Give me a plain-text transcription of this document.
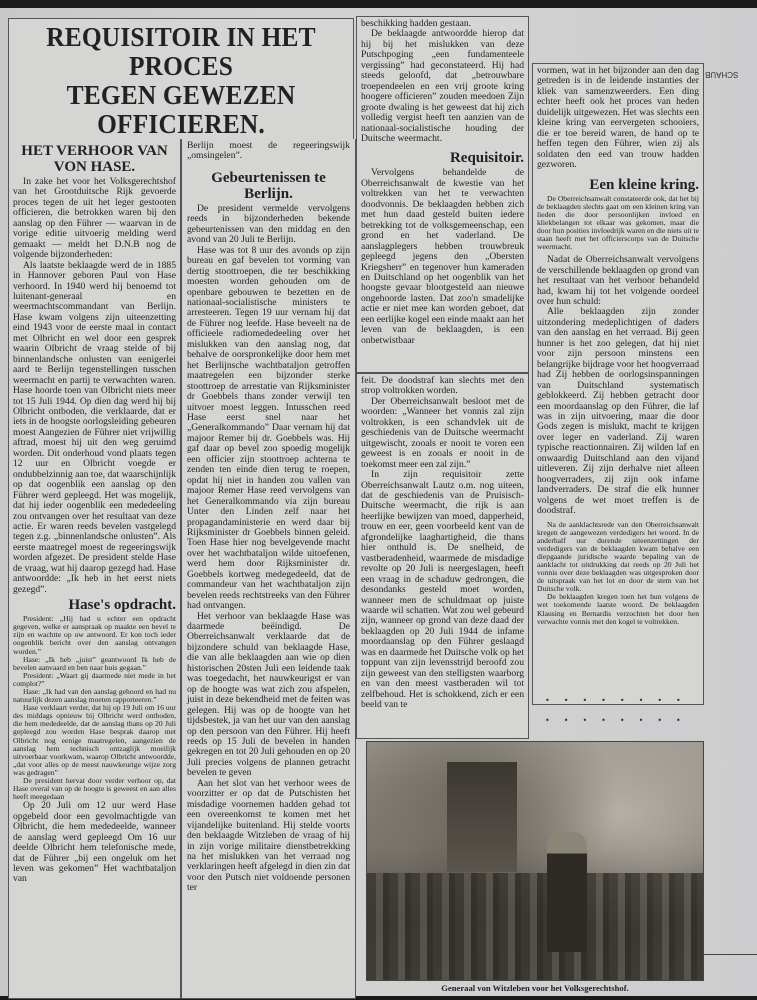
REQUISITOIR IN HET PROCES
TEGEN GEWEZEN OFFICIEREN.
HET VERHOOR VAN
VON HASE.

In zake het voor het Volksgerechtshof van het Grootduitsche Rijk gevoerde proces tegen de uit het leger gestooten officieren, die betrokken waren bij den aanslag op den Führer — waarvan in de vorige editie uitvoerig melding werd gemaakt — meldt het D.N.B nog de volgende bijzonderheden:

Als laatste beklaagde werd de in 1885 in Hannover geboren Paul von Hase verhoord. In 1940 werd hij benoemd tot luitenant-generaal en weermachtscommandant van Berlijn. Hase kwam volgens zijn uiteenzetting eind 1943 voor de eerste maal in contact met Olbricht en wel door een gesprek waarin Olbricht de vraag stelde of bij binnenlandsche onlusten van eenigerlei aard te Berlijn tegenstellingen tusschen weermacht en partij te verwachten waren. Hase hoorde toen van Olbricht niets meer tot 15 Juli 1944. Op dien dag werd hij bij Olbricht ontboden, die verklaarde, dat er iets in de hoogste oorlogsleiding gebeuren moest Aangezien de Führer niet vrijwillig aftrad, moest hij uit den weg geruimd worden. Dit onderhoud vond plaats tegen 12 uur en Olbricht voegde er ondubbelzinnig aan toe, dat waarschijnlijk op dat oogenblik een aanslag op den Führer werd gepleegd. Het was mogelijk, dat hij ieder oogenblik een mededeeling zou ontvangen over het resultaat van deze actie. Er waren reeds bevelen vastgelegd tegen z.g. „binnenlandsche onlusten”. Als eerste maatregel moest de regeeringswijk worden afgezet. De president stelde Hase de vraag, wat hij daarop gezegd had. Hase antwoordde: „Ik heb in het eerst niets gezegd”.

Hase's opdracht.

President: „Hij had u echter een opdracht gegeven, welke er aanspraak op maakte een bevel te zijn en wachtte op uw antwoord. Er kon toch ieder oogenblik bericht over den aanslag ontvangen worden.”

Hase: „Ik heb „juist” geantwoord Ik heb de bevelen aanvaard en ben naar huis gegaan.”

President: „Waart gij daarmede niet mede in het complot?”

Hase: „Ik had van den aanslag gehoord en had nu natuurlijk dezen aanslag moeten rapporteeren.”

Hase verklaart verder, dat hij op 19 Juli om 16 uur des middags opnieuw bij Olbricht werd ontboden, die hem mededeelde, dat de aanslag thans op 20 Juli gepleegd zou worden Hase besprak daarop met Olbricht nog eenige maatregelen, aangezien de aanslag hem technisch ontzaglijk moeilijk uitvoerbaar voorkwam, waarop Olbricht antwoordde, „dat voor alles op de meest nauwkeurige wijze zorg was gedragen”

De president hervat door verder verhoor op, dat Hase overal van op de hoogte is geweest en aan alles heeft meegedaan

Op 20 Juli om 12 uur werd Hase opgebeld door een gevolmachtigde van Olbricht, die hem mededeelde, wanneer de aanslag werd gepleegd Om 16 uur deelde Olbricht hem telefonische mede, dat de Führer „bij een ongeluk om het leven was gekomen” Het wachtbataljon van

Berlijn moest de regeeringswijk „omsingelen”.

Gebeurtenissen te
Berlijn.

De president vermelde vervolgens reeds in bijzonderheden bekende gebeurtenissen van den middag en den avond van 20 Juli te Berlijn.

Hase was tot 8 uur des avonds op zijn bureau en gaf bevelen tot vorming van dertig stoottroepen, die ter beschikking moesten worden gehouden om de openbare gebouwen te bezetten en de nationaal-socialistische ministers te arresteeren. Tegen 19 uur vernam hij dat de Führer nog leefde. Hase beveelt na de officieele radiomededeeling over het mislukken van den aanslag nog, dat behalve de oorspronkelijke door hem met het Berlijnsche wachtbataljon getroffen maatregelen een bijzonder sterke stoottroep de arrestatie van Rijksminister dr Goebbels thans zonder verwijl ten uitvoer moest leggen. Intusschen reed Hase eerst snel naar het „Generalkommando” Daar vernam hij dat majoor Remer bij dr. Goebbels was. Hij gaf daar op bevel zoo spoedig mogelijk een officier zijn stoottroep achterna te zenden ten einde dien terug te roepen, opdat hij niet in handen zou vallen van majoor Remer Hase reed vervolgens van het Generalkommando via zijn bureau Unter den Linden zelf naar het propagandaministerie en werd daar bij Rijksminister dr Goebbels binnen geleid. Toen Hase hier nog bevelgevende macht over het wachtbataljon wilde uitoefenen, werd hem door Rijksminister dr. Goebbels kortweg medegedeeld, dat de commandeur van het wachtbataljon zijn bevelen reeds rechtstreeks van den Führer had ontvangen.

Het verhoor van beklaagde Hase was daarmede beëindigd. De Oberreichsanwalt verklaarde dat de bijzondere schuld van beklaagde Hase, die van alle beklaagden aan wie op dien historischen 20sten Juli een leidende taak was toegedacht, het nauwkeurigst er van op de hoogte was wat zich zou afspelen, juist in deze bekendheid met de feiten was gelegen. Hij was op de hoogte van het tijdsbestek, ja van het uur van den aanslag op den persoon van den Führer. Hij heeft reeds op 15 Juli de bevelen in handen gekregen en tot 20 Juli gehouden en op 20 Juli precies volgens de plannen getracht bevelen te geven

Aan het slot van het verhoor wees de voorzitter er op dat de Putschisten het misdadige voornemen hadden gehad tot een overeenkomst te komen met het vijandelijke buitenland. Hij stelde voorts den beklaagde Witzleben de vraag of hij in zijn vorige militaire dienstbetrekking na het mislukken van het verraad nog verklaringen heeft afgelegd in dien zin dat voor den Putsch niet voldoende personen ter

beschikking hadden gestaan.

De beklaagde antwoordde hierop dat hij bij het mislukken van deze Putschpoging „een fundamenteele vergissing” had geconstateerd. Hij had steeds geloofd, dat „betrouwbare troependeelen en een vrij groote kring hoogere officieren” zouden meedoen Zijn groote dwaling is het geweest dat hij zich volledig vergist heeft ten aanzien van de nationaal-socialistische houding der Duitsche weermacht.

Requisitoir.

Vervolgens behandelde de Oberreichsanwalt de kwestie van het voltrekken van het te verwachten doodvonnis. De beklaagden hebben zich met hun daad gesteld buiten iedere betrekking tot de volksgemeenschap, een grond en het vaderland. De aanslagplegers hebben trouwbreuk gepleegd jegens den „Obersten Kriegsherr” en tegenover hun kameraden en Duitschland op het oogenblik van het hoogste gevaar blootgesteld aan nieuwe ongehoorde lasten. Dat zoo'n smadelijke actie er niet mee kan worden geboet, dat een eerlijke kogel een einde maakt aan het leven van de beklaagden, is een onbetwistbaar

feit. De doodstraf kan slechts met den strop voltrokken worden.

Der Oberreichsanwalt besloot met de woorden: „Wanneer het vonnis zal zijn voltrokken, is een schandvlek uit de geschiedenis van de Duitsche weermacht uitgewischt, zooals er nooit te voren een geweest is en zooals er nooit in de toekomst meer een zal zijn.”

In zijn requisitoir zette Oberreichsanwalt Lautz o.m. nog uiteen, dat de geschiedenis van de Pruisisch-Duitsche weermacht, die rijk is aan heerlijke bewijzen van moed, dapperheid, trouw en eer, geen voorbeeld kent van de afgrondelijke laaghartigheid, die thans hier onthuld is. De snelheid, de vastberadenheid, waarmede de misdadige revolte op 20 Juli is neergeslagen, heeft een vraag in de schaduw gedrongen, die desondanks gesteld moet worden, wanneer men de schuldmaat op juiste waarde wil schatten. Wat zou wel gebeurd zijn, wanneer op grond van deze daad der beklaagden op 20 Juli 1944 de infame moordaanslag op den Führer geslaagd was en daarmede het Duitsche volk op het toppunt van zijn levensstrijd beroofd zou zijn geweest van den stelligsten waarborg en van den meest vastberaden wil tot zelfbehoud. Het is schokkend, zich er een beeld van te

vormen, wat in het bijzonder aan den dag getreden is in de leidende instanties der kliek van samenzweerders. Een ding echter heeft ook het proces van heden duidelijk uitgewezen. Het was slechts een kleine kring van eervergeten schooiers, die er toe bereid waren, de hand op te heffen tegen den Führer, wien zij als soldaten den eed van trouw hadden gezworen.

Een kleine kring.

De Oberreichsanwalt constateerde ook, dat het bij de beklaagden slechts gaat om een kleinen kring van lieden die door persoonlijken invloed en kliekbelangen tot elkaar was gekomen, maar die door hun posities invloedrijk waren en die niets uit te staan heeft met het officierscorps van de Duitsche weermacht.

Nadat de Oberreichsanwalt vervolgens de verschillende beklaagden op grond van het resultaat van het verhoor behandeld had, kwam hij tot het volgende oordeel over hun schuld:

Alle beklaagden zijn zonder uitzondering medeplichtigen of daders van den aanslag en het verraad. Bij geen hunner is het zoo gelegen, dat hij niet voor zijn persoon minstens een belangrijke bijdrage voor het hoogverraad had Zij hebben de oorlogsinspanningen van Duitschland systematisch geblokkeerd. Zij hebben getracht door een moordaanslag op den Führer, die laf was in zijn uitvoering, maar die door Gods zegen is mislukt, macht te krijgen over leger en vaderland. Zij waren typische reactionnairen. Zij wilden laf en onwaardig Duitschland aan den vijand uitleveren. Zij zijn derhalve niet alleen hoogverraders, zij zijn ook infame landverraders. De straf die elk hunner volgens de wet moet treffen is de doodstraf.

Na de aanklachtsrede van den Oberreichsanwalt kregen de aangewezen verdedigers het woord. In de anderhalf uur durende uiteenzettingen der verdedigers van de beklaagden kwam behalve een diepgaande juridische waarde bepaling van de aanklacht tot uitdrukking dat reeds op 20 Juli het vonnis over deze beklaagden was uitgesproken door de uitspraak van het lot en door de stem van het Duitsche volk.

De beklaagden kregen toen het hun volgens de wet toekomende laatste woord. De beklaagden Klausing en Bernardis verzochten het door hen verwachte vonnis met den kogel te voltrekken.

SCHAUB
••••••••
••••••••
Generaal von Witzleben voor het Volksgerechtshof.
